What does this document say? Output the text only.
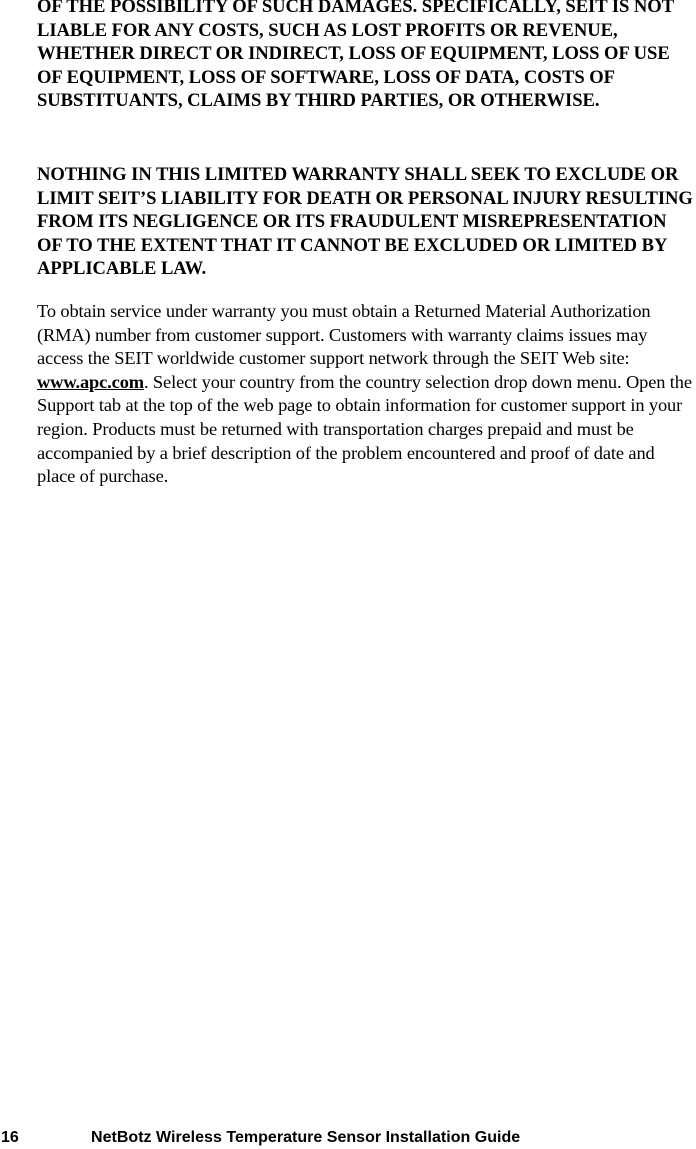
OF THE POSSIBILITY OF SUCH DAMAGES. SPECIFICALLY, SEIT IS NOT LIABLE FOR ANY COSTS, SUCH AS LOST PROFITS OR REVENUE, WHETHER DIRECT OR INDIRECT, LOSS OF EQUIPMENT, LOSS OF USE OF EQUIPMENT, LOSS OF SOFTWARE, LOSS OF DATA, COSTS OF SUBSTITUANTS, CLAIMS BY THIRD PARTIES, OR OTHERWISE.

NOTHING IN THIS LIMITED WARRANTY SHALL SEEK TO EXCLUDE OR LIMIT SEIT’S LIABILITY FOR DEATH OR PERSONAL INJURY RESULTING FROM ITS NEGLIGENCE OR ITS FRAUDULENT MISREPRESENTATION OF TO THE EXTENT THAT IT CANNOT BE EXCLUDED OR LIMITED BY APPLICABLE LAW.

To obtain service under warranty you must obtain a Returned Material Authorization (RMA) number from customer support. Customers with warranty claims issues may access the SEIT worldwide customer support network through the SEIT Web site: www.apc.com. Select your country from the country selection drop down menu. Open the Support tab at the top of the web page to obtain information for customer support in your region. Products must be returned with transportation charges prepaid and must be accompanied by a brief description of the problem encountered and proof of date and place of purchase.

16	NetBotz Wireless Temperature Sensor Installation Guide
